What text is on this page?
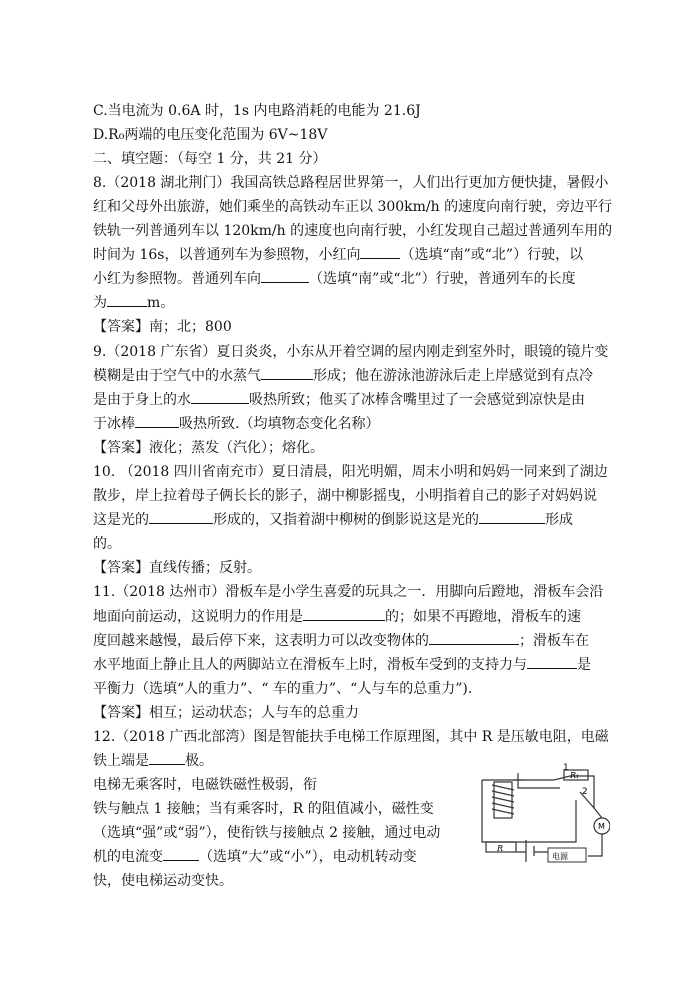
C.当电流为 0.6A 时，1s 内电路消耗的电能为 21.6J
D.R₀两端的电压变化范围为 6V~18V
二、填空题：（每空 1 分，共 21 分）
8.（2018 湖北荆门）我国高铁总路程居世界第一，人们出行更加方便快捷，暑假小
红和父母外出旅游，她们乘坐的高铁动车正以 300km/h 的速度向南行驶，旁边平行
铁轨一列普通列车以 120km/h 的速度也向南行驶，小红发现自己超过普通列车用的
时间为 16s，以普通列车为参照物，小红向	（选填“南”或“北”）行驶，以
小红为参照物。普通列车向	（选填“南”或“北”）行驶，普通列车的长度
为	m。
【答案】南；北；800
9.（2018 广东省）夏日炎炎，小东从开着空调的屋内刚走到室外时，眼镜的镜片变
模糊是由于空气中的水蒸气	形成；他在游泳池游泳后走上岸感觉到有点冷
是由于身上的水	吸热所致；他买了冰棒含嘴里过了一会感觉到凉快是由
于冰棒	吸热所致.（均填物态变化名称）
【答案】液化；蒸发（汽化）；熔化。
10. （2018 四川省南充市）夏日清晨，阳光明媚，周末小明和妈妈一同来到了湖边
散步，岸上拉着母子俩长长的影子，湖中柳影摇曳，小明指着自己的影子对妈妈说
这是光的	形成的，又指着湖中柳树的倒影说这是光的	形成
的。
【答案】直线传播；反射。
11.（2018 达州市）滑板车是小学生喜爱的玩具之一．用脚向后蹬地，滑板车会沿
地面向前运动，这说明力的作用是	的；如果不再蹬地，滑板车的速
度回越来越慢，最后停下来，这表明力可以改变物体的	；滑板车在
水平地面上静止且人的两脚站立在滑板车上时，滑板车受到的支持力与	是
平衡力（选填“人的重力”、“ 车的重力”、“人与车的总重力”).
【答案】相互；运动状态；人与车的总重力
12.（2018 广西北部湾）图是智能扶手电梯工作原理图，其中 R 是压敏电阻，电磁
铁上端是	极。
电梯无乘客时，电磁铁磁性极弱，衔
铁与触点 1 接触；当有乘客时，R 的阻值减小，磁性变
（选填“强”或“弱”），使衔铁与接触点 2 接触，通过电动
机的电流变	（选填“大”或“小”），电动机转动变
快，使电梯运动变快。
1
2
R₁
R
M
电源
